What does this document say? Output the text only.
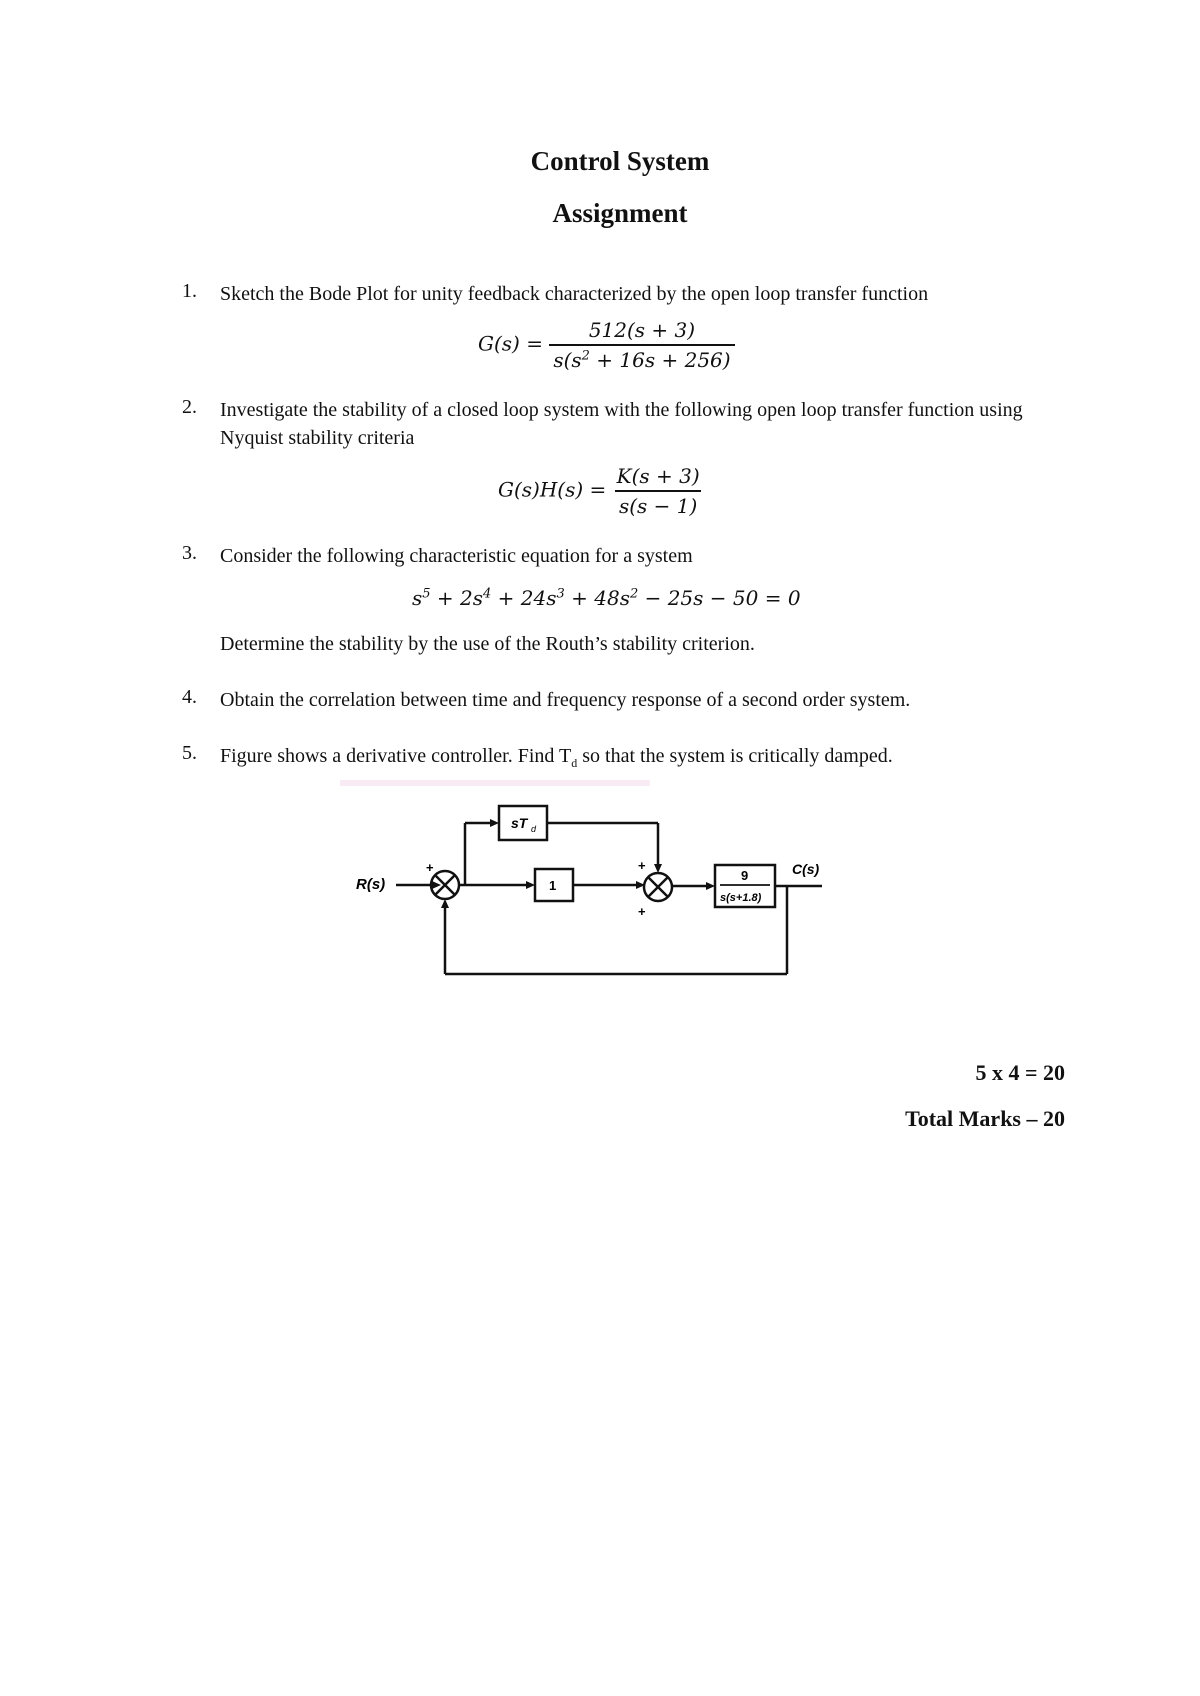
Control System
Assignment
1.	Sketch the Bode Plot for unity feedback characterized by the open loop transfer function
$G(s) = \frac{512(s + 3)}{s(s^2 + 16s + 256)}$
2.	Investigate the stability of a closed loop system with the following open loop transfer function using Nyquist stability criteria
$G(s)H(s) = \frac{K(s + 3)}{s(s - 1)}$
3.	Consider the following characteristic equation for a system
$s^5 + 2s^4 + 24s^3 + 48s^2 - 25s - 50 = 0$
Determine the stability by the use of the Routh’s stability criterion.
4.	Obtain the correlation between time and frequency response of a second order system.
5.	Figure shows a derivative controller. Find $T_d$ so that the system is critically damped.
R(s)
+
sT d
1
+
+
9
s(s+1.8)
C(s)
5 x 4 = 20
Total Marks – 20
